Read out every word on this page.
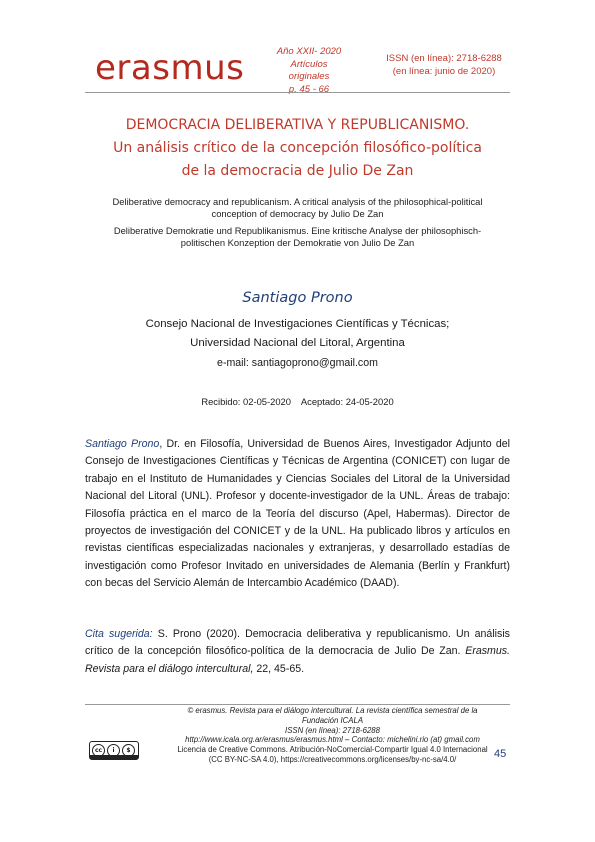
erasmus	Año XXII- 2020
Artículos originales
p. 45 - 66
ISSN (en línea): 2718-6288
(en línea: junio de 2020)
DEMOCRACIA DELIBERATIVA Y REPUBLICANISMO.
Un análisis crítico de la concepción filosófico-política
de la democracia de Julio De Zan
Deliberative democracy and republicanism. A critical analysis of the philosophical-political conception of democracy by Julio De Zan
Deliberative Demokratie und Republikanismus. Eine kritische Analyse der philosophisch-politischen Konzeption der Demokratie von Julio De Zan
Santiago Prono
Consejo Nacional de Investigaciones Científicas y Técnicas;
Universidad Nacional del Litoral, Argentina
e-mail: santiagoprono@gmail.com
Recibido: 02-05-2020    Aceptado: 24-05-2020
Santiago Prono, Dr. en Filosofía, Universidad de Buenos Aires, Investigador Adjunto del Consejo de Investigaciones Científicas y Técnicas de Argentina (CONICET) con lugar de trabajo en el Instituto de Humanidades y Ciencias Sociales del Litoral de la Universidad Nacional del Litoral (UNL). Profesor y docente-investigador de la UNL. Áreas de trabajo: Filosofía práctica en el marco de la Teoría del discurso (Apel, Habermas). Director de proyectos de investigación del CONICET y de la UNL. Ha publicado libros y artículos en revistas científicas especializadas nacionales y extranjeras, y desarrollado estadías de investigación como Profesor Invitado en universidades de Alemania (Berlín y Frankfurt) con becas del Servicio Alemán de Intercambio Académico (DAAD).
Cita sugerida: S. Prono (2020). Democracia deliberativa y republicanismo. Un análisis crítico de la concepción filosófico-política de la democracia de Julio De Zan. Erasmus. Revista para el diálogo intercultural, 22, 45-65.
© erasmus. Revista para el diálogo intercultural. La revista científica semestral de la Fundación ICALA
ISSN (en línea): 2718-6288
http://www.icala.org.ar/erasmus/erasmus.html – Contacto: michelini.rio (at) gmail.com
Licencia de Creative Commons. Atribución-NoComercial-Compartir Igual 4.0 Internacional
(CC BY-NC-SA 4.0), https://creativecommons.org/licenses/by-nc-sa/4.0/
cc	i	$	45
